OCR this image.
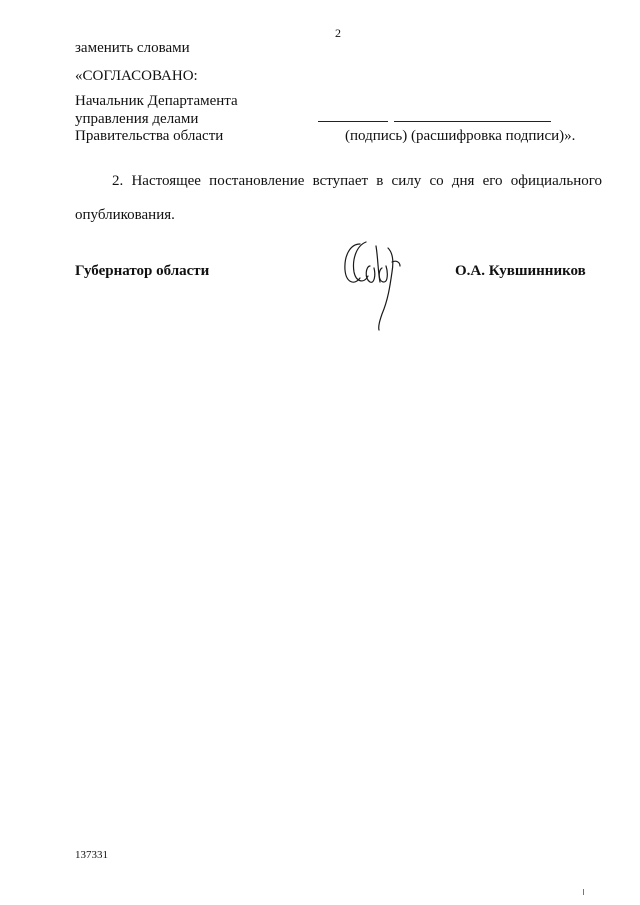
2
заменить словами
«СОГЛАСОВАНО:
Начальник Департамента
управления делами
Правительства области	(подпись) (расшифровка подписи)».
2. Настоящее постановление вступает в силу со дня его официального
опубликования.
Губернатор области	О.А. Кувшинников
137331
